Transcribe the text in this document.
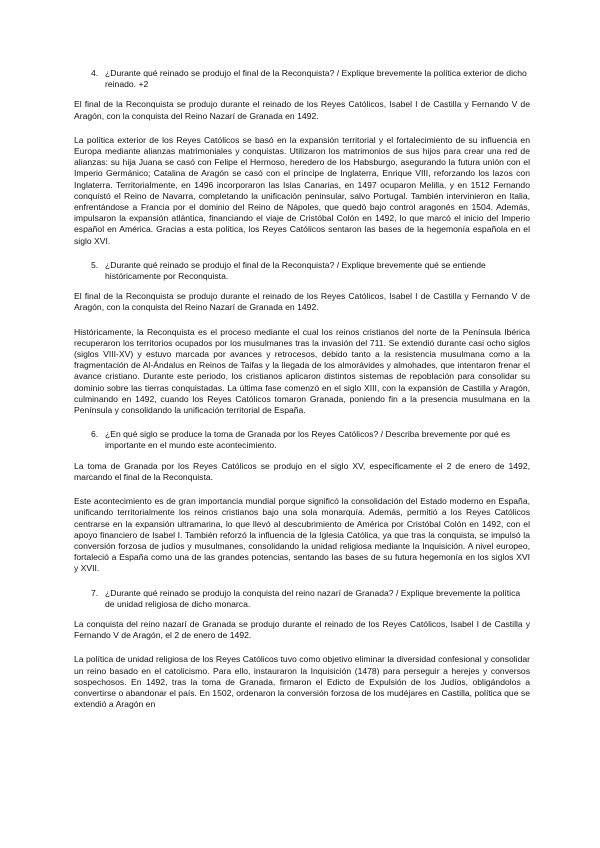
4. ¿Durante qué reinado se produjo el final de la Reconquista? / Explique brevemente la política exterior de dicho reinado. +2

El final de la Reconquista se produjo durante el reinado de los Reyes Católicos, Isabel I de Castilla y Fernando V de Aragón, con la conquista del Reino Nazarí de Granada en 1492.

La política exterior de los Reyes Católicos se basó en la expansión territorial y el fortalecimiento de su influencia en Europa mediante alianzas matrimoniales y conquistas. Utilizaron los matrimonios de sus hijos para crear una red de alianzas: su hija Juana se casó con Felipe el Hermoso, heredero de los Habsburgo, asegurando la futura unión con el Imperio Germánico; Catalina de Aragón se casó con el príncipe de Inglaterra, Enrique VIII, reforzando los lazos con Inglaterra. Territorialmente, en 1496 incorporaron las Islas Canarias, en 1497 ocuparon Melilla, y en 1512 Fernando conquistó el Reino de Navarra, completando la unificación peninsular, salvo Portugal. También intervinieron en Italia, enfrentándose a Francia por el dominio del Reino de Nápoles, que quedó bajo control aragonés en 1504. Además, impulsaron la expansión atlántica, financiando el viaje de Cristóbal Colón en 1492, lo que marcó el inicio del Imperio español en América. Gracias a esta política, los Reyes Católicos sentaron las bases de la hegemonía española en el siglo XVI.

5. ¿Durante qué reinado se produjo el final de la Reconquista? / Explique brevemente qué se entiende históricamente por Reconquista.

El final de la Reconquista se produjo durante el reinado de los Reyes Católicos, Isabel I de Castilla y Fernando V de Aragón, con la conquista del Reino Nazarí de Granada en 1492.

Históricamente, la Reconquista es el proceso mediante el cual los reinos cristianos del norte de la Península Ibérica recuperaron los territorios ocupados por los musulmanes tras la invasión del 711. Se extendió durante casi ocho siglos (siglos VIII-XV) y estuvo marcada por avances y retrocesos, debido tanto a la resistencia musulmana como a la fragmentación de Al-Ándalus en Reinos de Taifas y la llegada de los almorávides y almohades, que intentaron frenar el avance cristiano. Durante este periodo, los cristianos aplicaron distintos sistemas de repoblación para consolidar su dominio sobre las tierras conquistadas. La última fase comenzó en el siglo XIII, con la expansión de Castilla y Aragón, culminando en 1492, cuando los Reyes Católicos tomaron Granada, poniendo fin a la presencia musulmana en la Península y consolidando la unificación territorial de España.

6. ¿En qué siglo se produce la toma de Granada por los Reyes Católicos? / Describa brevemente por qué es importante en el mundo este acontecimiento.

La toma de Granada por los Reyes Católicos se produjo en el siglo XV, específicamente el 2 de enero de 1492, marcando el final de la Reconquista.

Este acontecimiento es de gran importancia mundial porque significó la consolidación del Estado moderno en España, unificando territorialmente los reinos cristianos bajo una sola monarquía. Además, permitió a los Reyes Católicos centrarse en la expansión ultramarina, lo que llevó al descubrimiento de América por Cristóbal Colón en 1492, con el apoyo financiero de Isabel I. También reforzó la influencia de la Iglesia Católica, ya que tras la conquista, se impulsó la conversión forzosa de judíos y musulmanes, consolidando la unidad religiosa mediante la Inquisición. A nivel europeo, fortaleció a España como una de las grandes potencias, sentando las bases de su futura hegemonía en los siglos XVI y XVII.

7. ¿Durante qué reinado se produjo la conquista del reino nazarí de Granada? / Explique brevemente la política de unidad religiosa de dicho monarca.

La conquista del reino nazarí de Granada se produjo durante el reinado de los Reyes Católicos, Isabel I de Castilla y Fernando V de Aragón, el 2 de enero de 1492.

La política de unidad religiosa de los Reyes Católicos tuvo como objetivo eliminar la diversidad confesional y consolidar un reino basado en el catolicismo. Para ello, instauraron la Inquisición (1478) para perseguir a herejes y conversos sospechosos. En 1492, tras la toma de Granada, firmaron el Edicto de Expulsión de los Judíos, obligándolos a convertirse o abandonar el país. En 1502, ordenaron la conversión forzosa de los mudéjares en Castilla, política que se extendió a Aragón en
